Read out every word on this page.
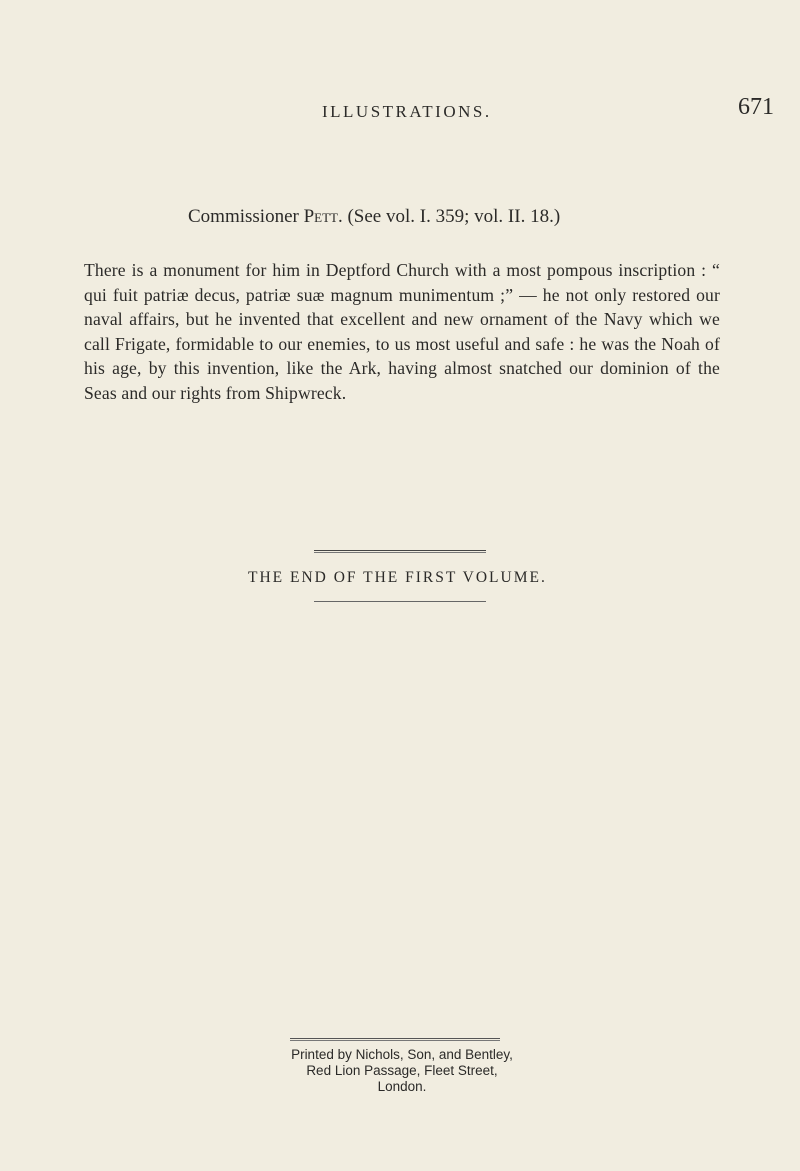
ILLUSTRATIONS.	671
Commissioner Pett. (See vol. I. 359; vol. II. 18.)
There is a monument for him in Deptford Church with a most pompous inscription : “ qui fuit patriæ decus, patriæ suæ magnum munimentum ;” — he not only restored our naval affairs, but he invented that excellent and new ornament of the Navy which we call Frigate, formidable to our enemies, to us most useful and safe : he was the Noah of his age, by this invention, like the Ark, having almost snatched our dominion of the Seas and our rights from Shipwreck.
THE END OF THE FIRST VOLUME.
Printed by Nichols, Son, and Bentley,
Red Lion Passage, Fleet Street, London.
